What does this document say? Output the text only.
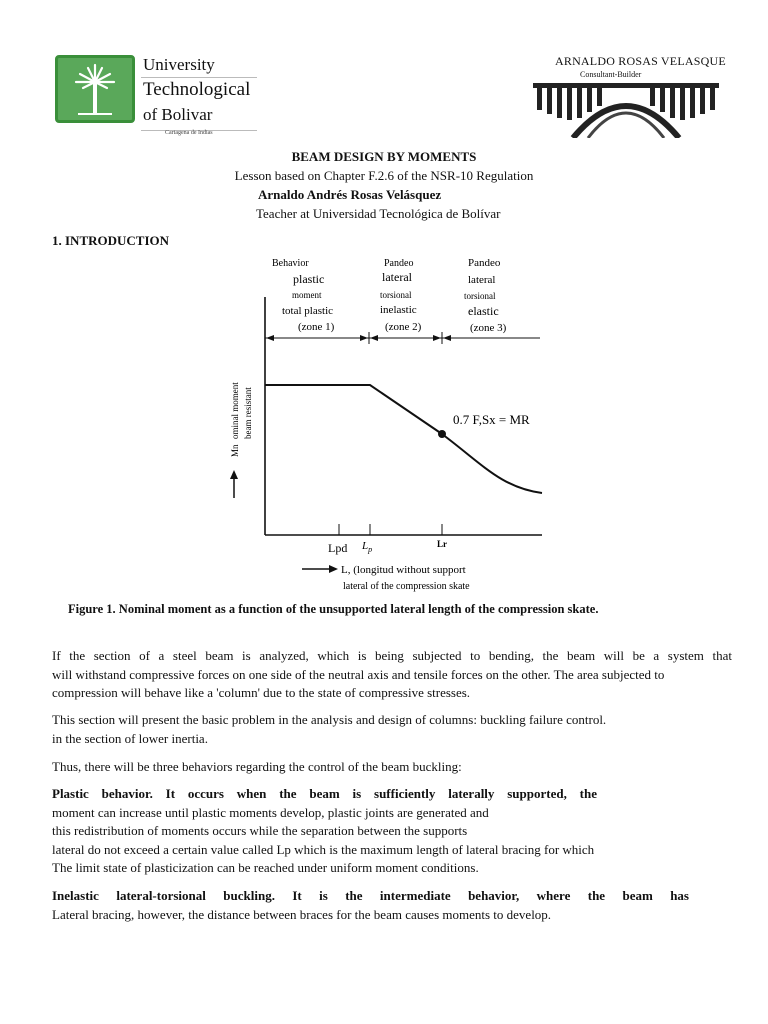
University
Technological
of Bolivar
Cartagena de Indias
ARNALDO ROSAS VELASQUE
Consultant-Builder
BEAM DESIGN BY MOMENTS
Lesson based on Chapter F.2.6 of the NSR-10 Regulation
Arnaldo Andrés Rosas Velásquez
Teacher at Universidad Tecnológica de Bolívar
1. INTRODUCTION
Behavior
plastic
moment
total plastic
(zone 1)
Pandeo
lateral
torsional
inelastic
(zone 2)
Pandeo
lateral
torsional
elastic
(zone 3)
0.7 F,Sx = MR
Lpd $L_p$
Lr
Mn
ominal moment beam resistant
L, (longitud without support
lateral of the compression skate
Figure 1. Nominal moment as a function of the unsupported lateral length of the compression skate.
If the section of a steel beam is analyzed, which is being subjected to bending, the beam will be a system that
will withstand compressive forces on one side of the neutral axis and tensile forces on the other. The area subjected to
compression will behave like a 'column' due to the state of compressive stresses.
This section will present the basic problem in the analysis and design of columns: buckling failure control.
in the section of lower inertia.
Thus, there will be three behaviors regarding the control of the beam buckling:
Plastic behavior. It occurs when the beam is sufficiently laterally supported, the
moment can increase until plastic moments develop, plastic joints are generated and
this redistribution of moments occurs while the separation between the supports
lateral do not exceed a certain value called Lp which is the maximum length of lateral bracing for which
The limit state of plasticization can be reached under uniform moment conditions.
Inelastic lateral-torsional buckling. It is the intermediate behavior, where the beam has
Lateral bracing, however, the distance between braces for the beam causes moments to develop.
